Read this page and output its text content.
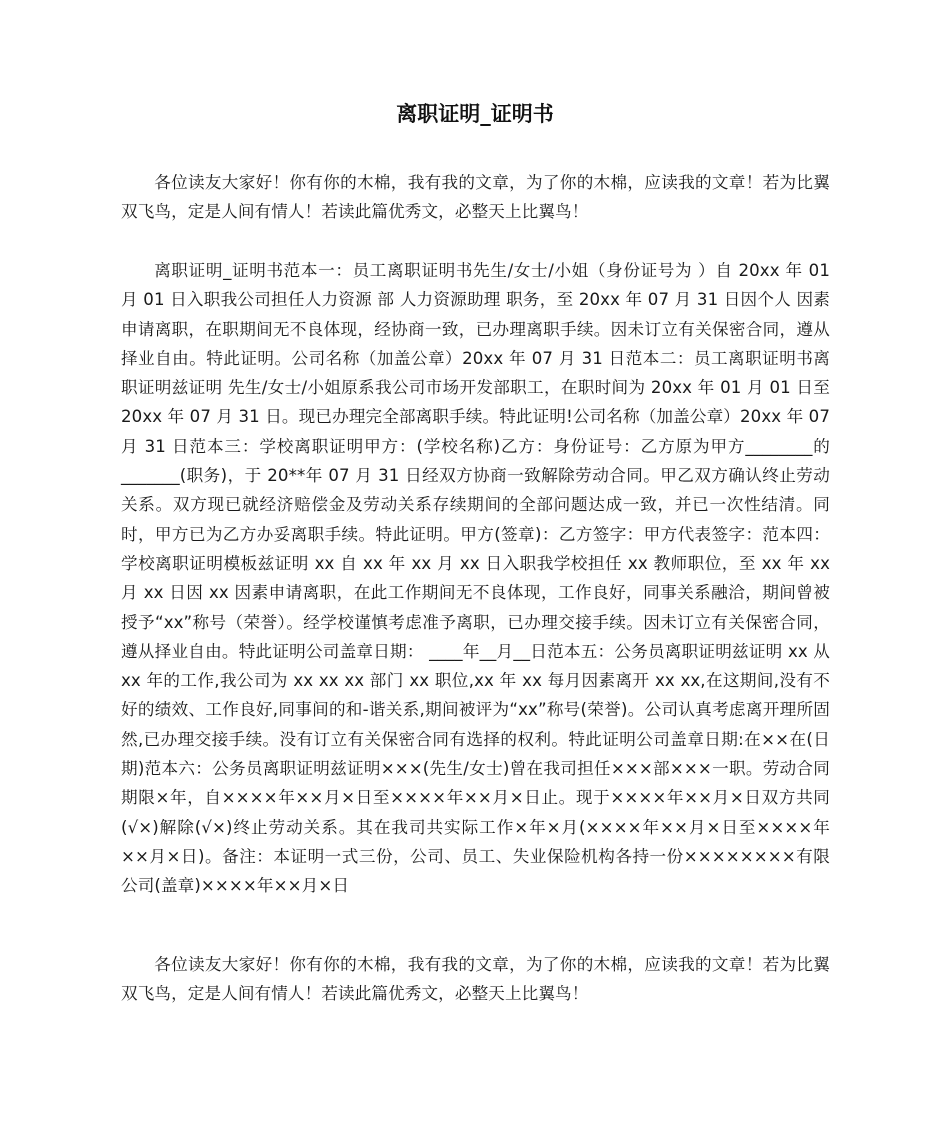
离职证明_证明书

各位读友大家好！你有你的木棉，我有我的文章，为了你的木棉，应读我的文章！若为比翼双飞鸟，定是人间有情人！若读此篇优秀文，必整天上比翼鸟！

离职证明_证明书范本一：员工离职证明书先生/女士/小姐（身份证号为 ）自 20xx 年 01 月 01 日入职我公司担任人力资源 部 人力资源助理 职务，至 20xx 年 07 月 31 日因个人 因素申请离职，在职期间无不良体现，经协商一致，已办理离职手续。因未订立有关保密合同，遵从择业自由。特此证明。公司名称（加盖公章）20xx 年 07 月 31 日范本二：员工离职证明书离职证明兹证明 先生/女士/小姐原系我公司市场开发部职工，在职时间为 20xx 年 01 月 01 日至 20xx 年 07 月 31 日。现已办理完全部离职手续。特此证明!公司名称（加盖公章）20xx 年 07 月 31 日范本三：学校离职证明甲方：(学校名称)乙方：身份证号：乙方原为甲方________的_______(职务)，于 20**年 07 月 31 日经双方协商一致解除劳动合同。甲乙双方确认终止劳动关系。双方现已就经济赔偿金及劳动关系存续期间的全部问题达成一致，并已一次性结清。同时，甲方已为乙方办妥离职手续。特此证明。甲方(签章)：乙方签字：甲方代表签字：范本四：学校离职证明模板兹证明 xx 自 xx 年 xx 月 xx 日入职我学校担任 xx 教师职位，至 xx 年 xx 月 xx 日因 xx 因素申请离职，在此工作期间无不良体现，工作良好，同事关系融洽，期间曾被授予“xx”称号（荣誉）。经学校谨慎考虑准予离职，已办理交接手续。因未订立有关保密合同，遵从择业自由。特此证明公司盖章日期： ____年__月__日范本五：公务员离职证明兹证明 xx 从 xx 年的工作,我公司为 xx xx xx 部门 xx 职位,xx 年 xx 每月因素离开 xx xx,在这期间,没有不好的绩效、工作良好,同事间的和-谐关系,期间被评为“xx”称号(荣誉)。公司认真考虑离开理所固然,已办理交接手续。没有订立有关保密合同有选择的权利。特此证明公司盖章日期:在××在(日期)范本六：公务员离职证明兹证明×××(先生/女士)曾在我司担任×××部×××一职。劳动合同期限×年，自××××年××月×日至××××年××月×日止。现于××××年××月×日双方共同(√×)解除(√×)终止劳动关系。其在我司共实际工作×年×月(××××年××月×日至××××年××月×日)。备注：本证明一式三份，公司、员工、失业保险机构各持一份××××××××有限公司(盖章)××××年××月×日

各位读友大家好！你有你的木棉，我有我的文章，为了你的木棉，应读我的文章！若为比翼双飞鸟，定是人间有情人！若读此篇优秀文，必整天上比翼鸟！
